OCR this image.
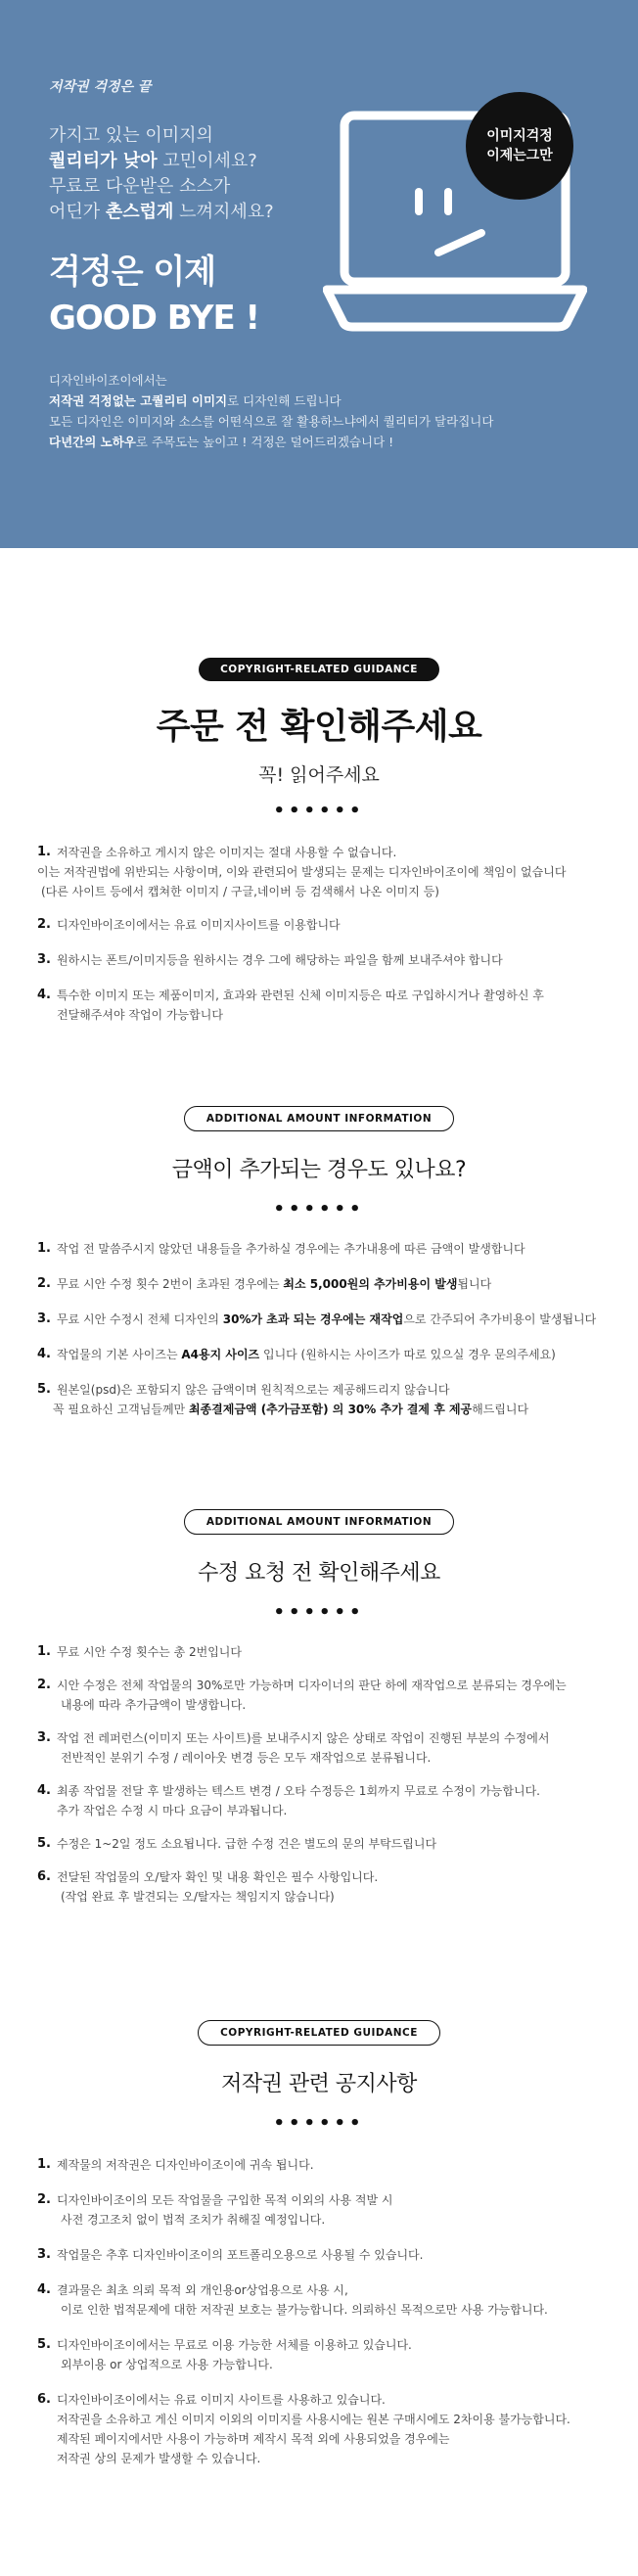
저작권 걱정은 끝
가지고 있는 이미지의
퀄리티가 낮아 고민이세요?
무료로 다운받은 소스가
어딘가 촌스럽게 느껴지세요?
걱정은 이제
GOOD BYE !
디자인바이조이에서는
저작권 걱정없는 고퀄리티 이미지로 디자인해 드립니다
모든 디자인은 이미지와 소스를 어떤식으로 잘 활용하느냐에서 퀄리티가 달라집니다
다년간의 노하우로 주목도는 높이고 ! 걱정은 덜어드리겠습니다 !
이미지걱정
이제는그만
COPYRIGHT-RELATED GUIDANCE
주문 전 확인해주세요
꼭! 읽어주세요
••••••
1. 저작권을 소유하고 게시지 않은 이미지는 절대 사용할 수 없습니다.
이는 저작권법에 위반되는 사항이며, 이와 관련되어 발생되는 문제는 디자인바이조이에 책임이 없습니다
(다른 사이트 등에서 캡쳐한 이미지 / 구글,네이버 등 검색해서 나온 이미지 등)
2. 디자인바이조이에서는 유료 이미지사이트를 이용합니다
3. 원하시는 폰트/이미지등을 원하시는 경우 그에 해당하는 파일을 함께 보내주셔야 합니다
4. 특수한 이미지 또는 제품이미지, 효과와 관련된 신체 이미지등은 따로 구입하시거나 촬영하신 후
전달해주셔야 작업이 가능합니다
ADDITIONAL AMOUNT INFORMATION
금액이 추가되는 경우도 있나요?
••••••
1. 작업 전 말씀주시지 않았던 내용들을 추가하실 경우에는 추가내용에 따른 금액이 발생합니다
2. 무료 시안 수정 횟수 2번이 초과된 경우에는 최소 5,000원의 추가비용이 발생됩니다
3. 무료 시안 수정시 전체 디자인의 30%가 초과 되는 경우에는 재작업으로 간주되어 추가비용이 발생됩니다
4. 작업물의 기본 사이즈는 A4용지 사이즈 입니다 (원하시는 사이즈가 따로 있으실 경우 문의주세요)
5. 원본일(psd)은 포함되지 않은 금액이며 원칙적으로는 제공해드리지 않습니다
꼭 필요하신 고객님들께만 최종결제금액 (추가금포함) 의 30% 추가 결제 후 제공해드립니다
ADDITIONAL AMOUNT INFORMATION
수정 요청 전 확인해주세요
••••••
1. 무료 시안 수정 횟수는 총 2번입니다
2. 시안 수정은 전체 작업물의 30%로만 가능하며 디자이너의 판단 하에 재작업으로 분류되는 경우에는
내용에 따라 추가금액이 발생합니다.
3. 작업 전 레퍼런스(이미지 또는 사이트)를 보내주시지 않은 상태로 작업이 진행된 부분의 수정에서
전반적인 분위기 수정 / 레이아웃 변경 등은 모두 재작업으로 분류됩니다.
4. 최종 작업물 전달 후 발생하는 텍스트 변경 / 오타 수정등은 1회까지 무료로 수정이 가능합니다.
추가 작업은 수정 시 마다 요금이 부과됩니다.
5. 수정은 1~2일 정도 소요됩니다. 급한 수정 건은 별도의 문의 부탁드립니다
6. 전달된 작업물의 오/탈자 확인 및 내용 확인은 필수 사항입니다.
(작업 완료 후 발견되는 오/탈자는 책임지지 않습니다)
COPYRIGHT-RELATED GUIDANCE
저작권 관련 공지사항
••••••
1. 제작물의 저작권은 디자인바이조이에 귀속 됩니다.
2. 디자인바이조이의 모든 작업물을 구입한 목적 이외의 사용 적발 시
사전 경고조치 없이 법적 조치가 취해질 예정입니다.
3. 작업물은 추후 디자인바이조이의 포트폴리오용으로 사용될 수 있습니다.
4. 결과물은 최초 의뢰 목적 외 개인용or상업용으로 사용 시,
이로 인한 법적문제에 대한 저작권 보호는 불가능합니다. 의뢰하신 목적으로만 사용 가능합니다.
5. 디자인바이조이에서는 무료로 이용 가능한 서체를 이용하고 있습니다.
외부이용 or 상업적으로 사용 가능합니다.
6. 디자인바이조이에서는 유료 이미지 사이트를 사용하고 있습니다.
저작권을 소유하고 게신 이미지 이외의 이미지를 사용시에는 원본 구매시에도 2차이용 불가능합니다.
제작된 페이지에서만 사용이 가능하며 제작시 목적 외에 사용되었을 경우에는
저작권 상의 문제가 발생할 수 있습니다.
